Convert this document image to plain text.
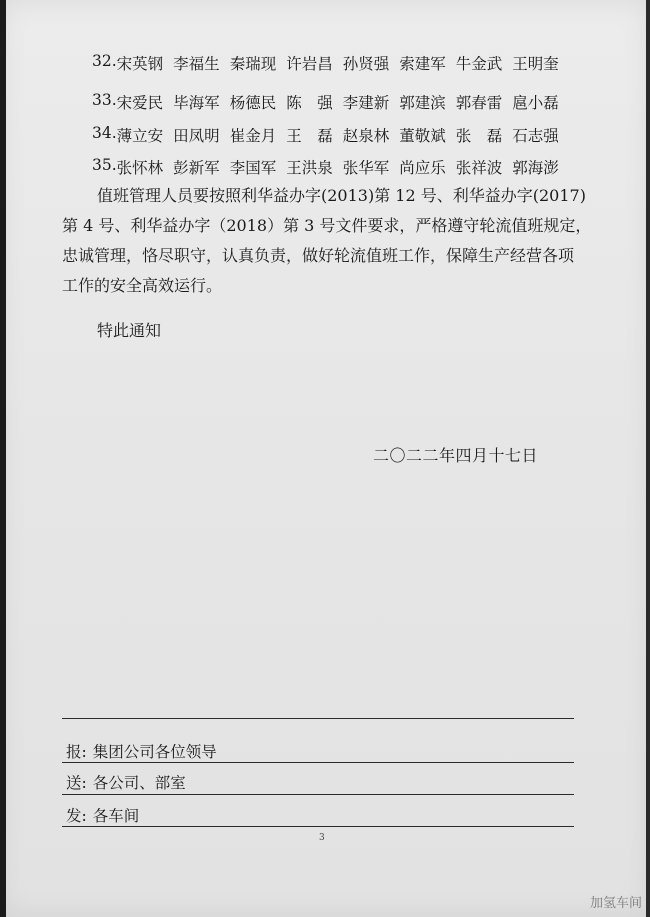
32. 宋英钢 李福生 秦瑞现 许岩昌 孙贤强 索建军 牛金武 王明奎
33. 宋爱民 毕海军 杨德民 陈　强 李建新 郭建滨 郭春雷 扈小磊
34. 薄立安 田凤明 崔金月 王　磊 赵泉林 董敬斌 张　磊 石志强
35. 张怀林 彭新军 李国军 王洪泉 张华军 尚应乐 张祥波 郭海澎
值班管理人员要按照利华益办字(2013)第 12 号、利华益办字(2017)
第 4 号、利华益办字（2018）第 3 号文件要求，严格遵守轮流值班规定，
忠诚管理，恪尽职守，认真负责，做好轮流值班工作，保障生产经营各项
工作的安全高效运行。
特此通知
二〇二二年四月十七日
报: 集团公司各位领导
送: 各公司、部室
发: 各车间
3
加氢车间
